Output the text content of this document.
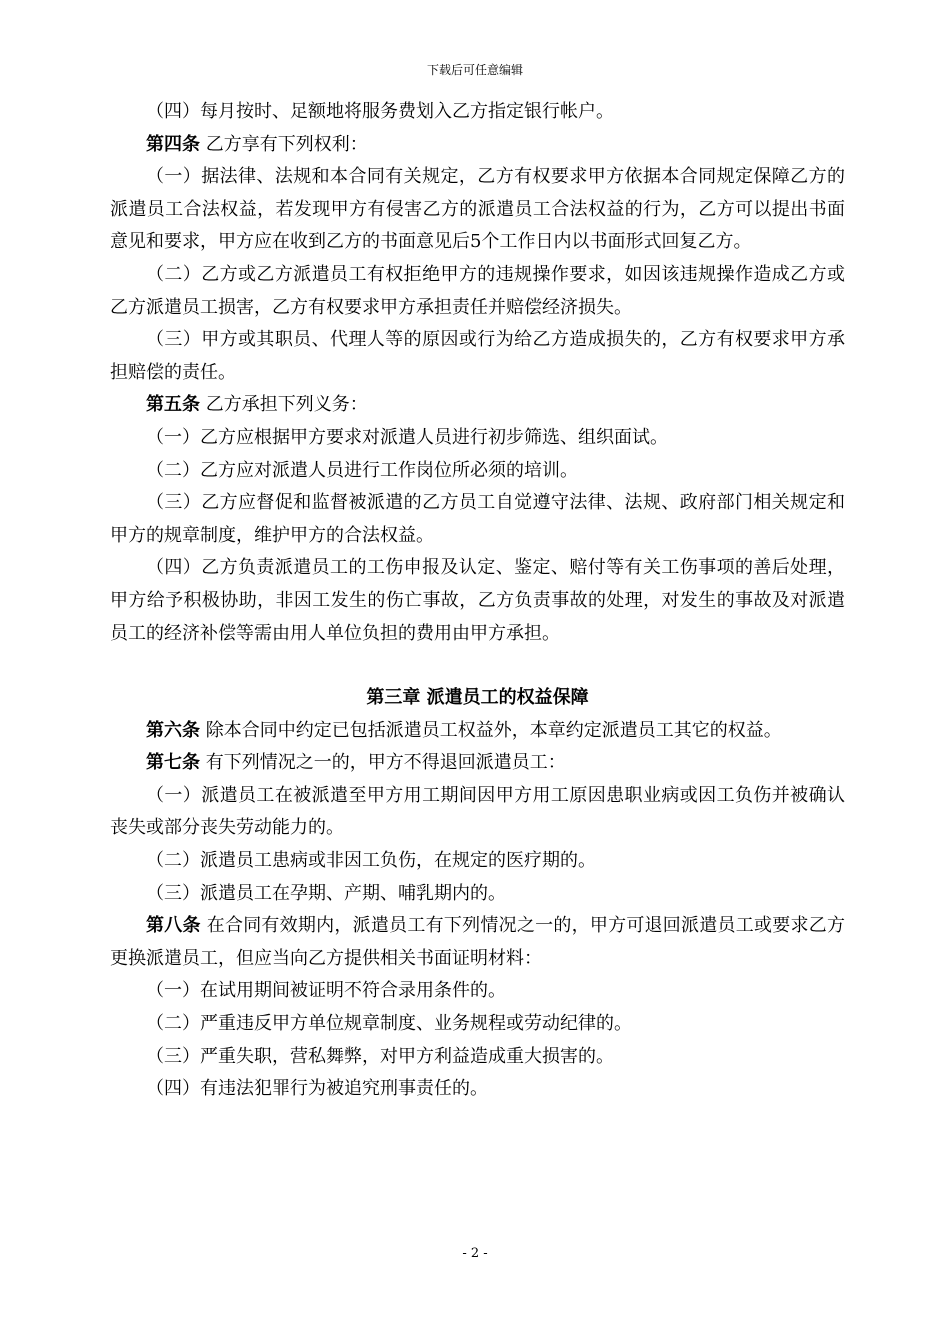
下载后可任意编辑

（四）每月按时、足额地将服务费划入乙方指定银行帐户。

第四条 乙方享有下列权利：

（一）据法律、法规和本合同有关规定，乙方有权要求甲方依据本合同规定保障乙方的派遣员工合法权益，若发现甲方有侵害乙方的派遣员工合法权益的行为，乙方可以提出书面意见和要求，甲方应在收到乙方的书面意见后5个工作日内以书面形式回复乙方。

（二）乙方或乙方派遣员工有权拒绝甲方的违规操作要求，如因该违规操作造成乙方或乙方派遣员工损害，乙方有权要求甲方承担责任并赔偿经济损失。

（三）甲方或其职员、代理人等的原因或行为给乙方造成损失的，乙方有权要求甲方承担赔偿的责任。

第五条 乙方承担下列义务：

（一）乙方应根据甲方要求对派遣人员进行初步筛选、组织面试。

（二）乙方应对派遣人员进行工作岗位所必须的培训。

（三）乙方应督促和监督被派遣的乙方员工自觉遵守法律、法规、政府部门相关规定和甲方的规章制度，维护甲方的合法权益。

（四）乙方负责派遣员工的工伤申报及认定、鉴定、赔付等有关工伤事项的善后处理，甲方给予积极协助，非因工发生的伤亡事故，乙方负责事故的处理，对发生的事故及对派遣员工的经济补偿等需由用人单位负担的费用由甲方承担。

第三章 派遣员工的权益保障

第六条 除本合同中约定已包括派遣员工权益外，本章约定派遣员工其它的权益。

第七条 有下列情况之一的，甲方不得退回派遣员工：

（一）派遣员工在被派遣至甲方用工期间因甲方用工原因患职业病或因工负伤并被确认丧失或部分丧失劳动能力的。

（二）派遣员工患病或非因工负伤，在规定的医疗期的。

（三）派遣员工在孕期、产期、哺乳期内的。

第八条 在合同有效期内，派遣员工有下列情况之一的，甲方可退回派遣员工或要求乙方更换派遣员工，但应当向乙方提供相关书面证明材料：

（一）在试用期间被证明不符合录用条件的。

（二）严重违反甲方单位规章制度、业务规程或劳动纪律的。

（三）严重失职，营私舞弊，对甲方利益造成重大损害的。

（四）有违法犯罪行为被追究刑事责任的。

- 2 -
